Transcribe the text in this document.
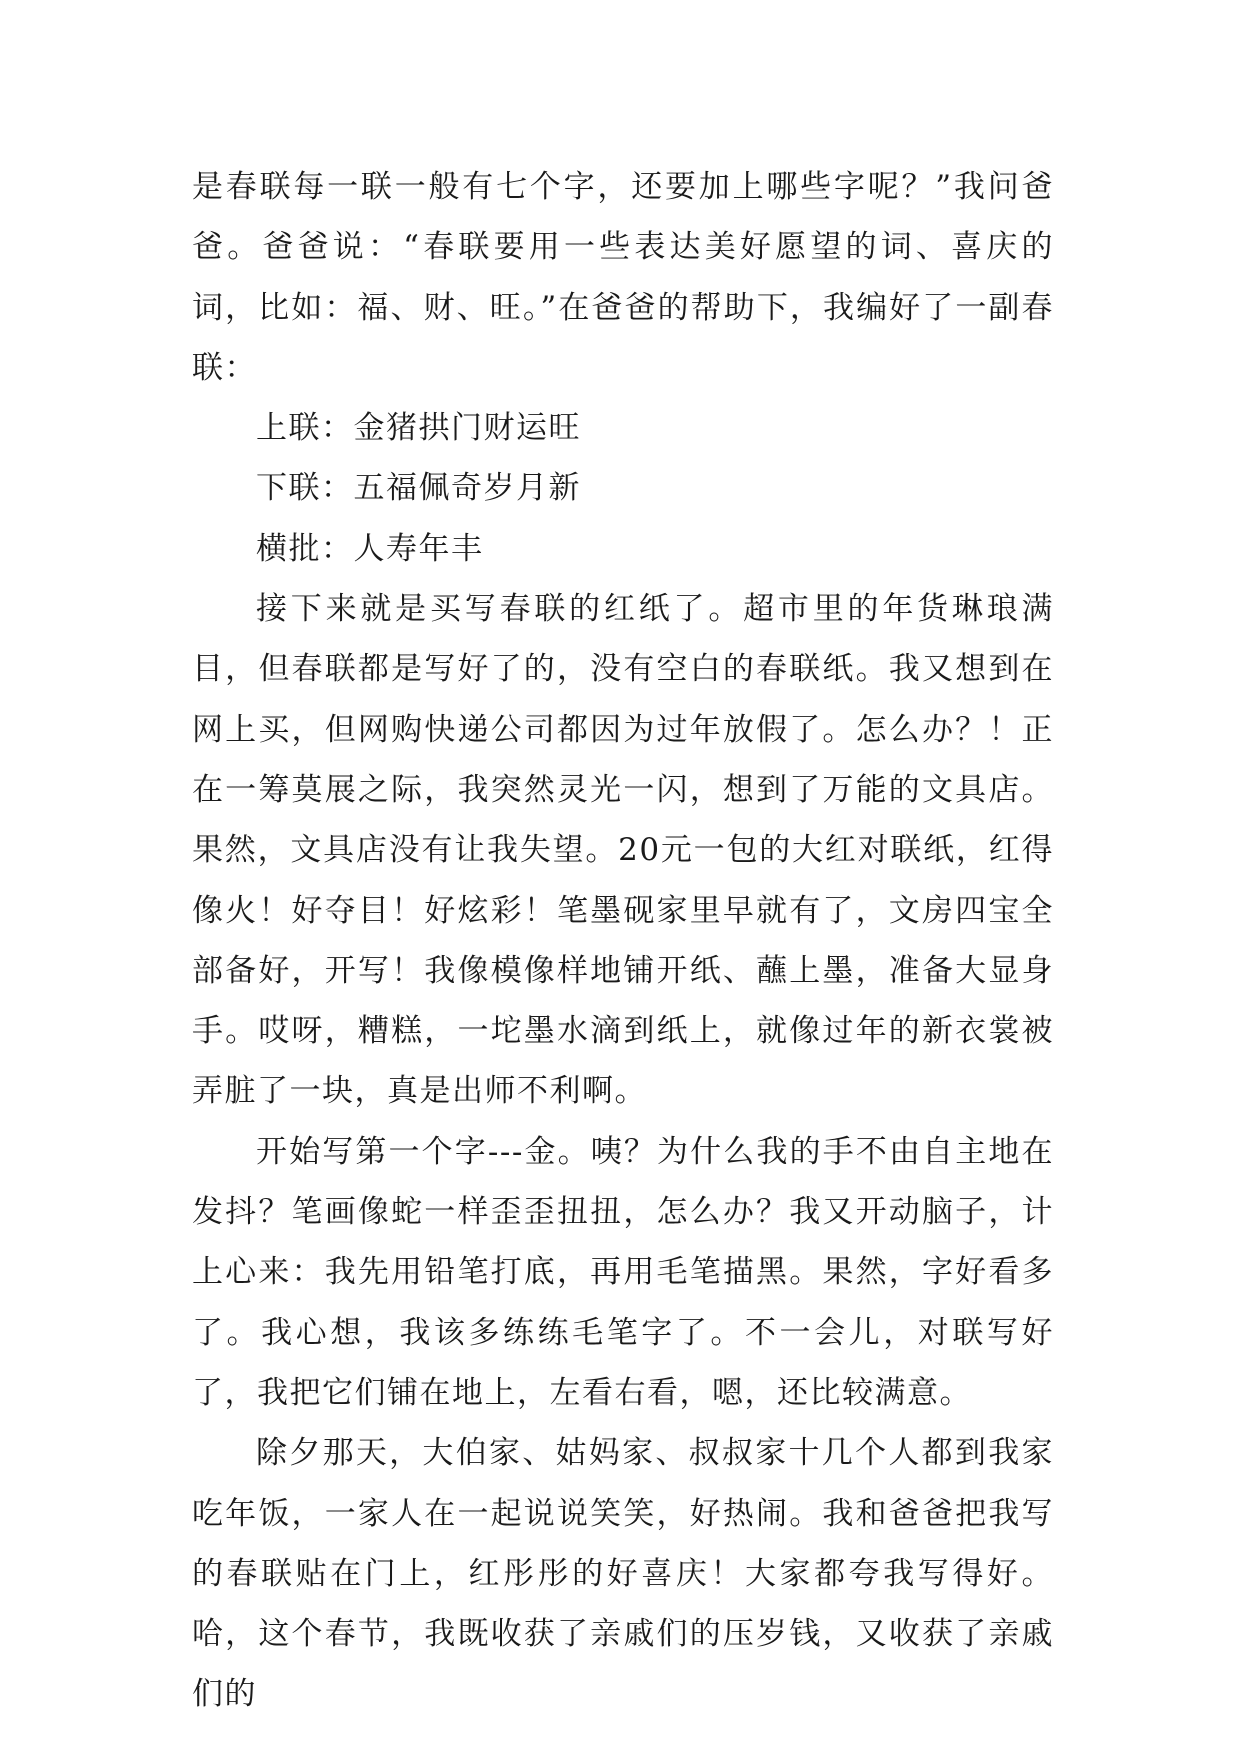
是春联每一联一般有七个字，还要加上哪些字呢？”我问爸爸。爸爸说：“春联要用一些表达美好愿望的词、喜庆的词，比如：福、财、旺。”在爸爸的帮助下，我编好了一副春联：

上联：金猪拱门财运旺

下联：五福佩奇岁月新

横批：人寿年丰

接下来就是买写春联的红纸了。超市里的年货琳琅满目，但春联都是写好了的，没有空白的春联纸。我又想到在网上买，但网购快递公司都因为过年放假了。怎么办？！正在一筹莫展之际，我突然灵光一闪，想到了万能的文具店。果然，文具店没有让我失望。20元一包的大红对联纸，红得像火！好夺目！好炫彩！笔墨砚家里早就有了，文房四宝全部备好，开写！我像模像样地铺开纸、蘸上墨，准备大显身手。哎呀，糟糕，一坨墨水滴到纸上，就像过年的新衣裳被弄脏了一块，真是出师不利啊。

开始写第一个字---金。咦？为什么我的手不由自主地在发抖？笔画像蛇一样歪歪扭扭，怎么办？我又开动脑子，计上心来：我先用铅笔打底，再用毛笔描黑。果然，字好看多了。我心想，我该多练练毛笔字了。不一会儿，对联写好了，我把它们铺在地上，左看右看，嗯，还比较满意。

除夕那天，大伯家、姑妈家、叔叔家十几个人都到我家吃年饭，一家人在一起说说笑笑，好热闹。我和爸爸把我写的春联贴在门上，红彤彤的好喜庆！大家都夸我写得好。哈，这个春节，我既收获了亲戚们的压岁钱，又收获了亲戚们的
